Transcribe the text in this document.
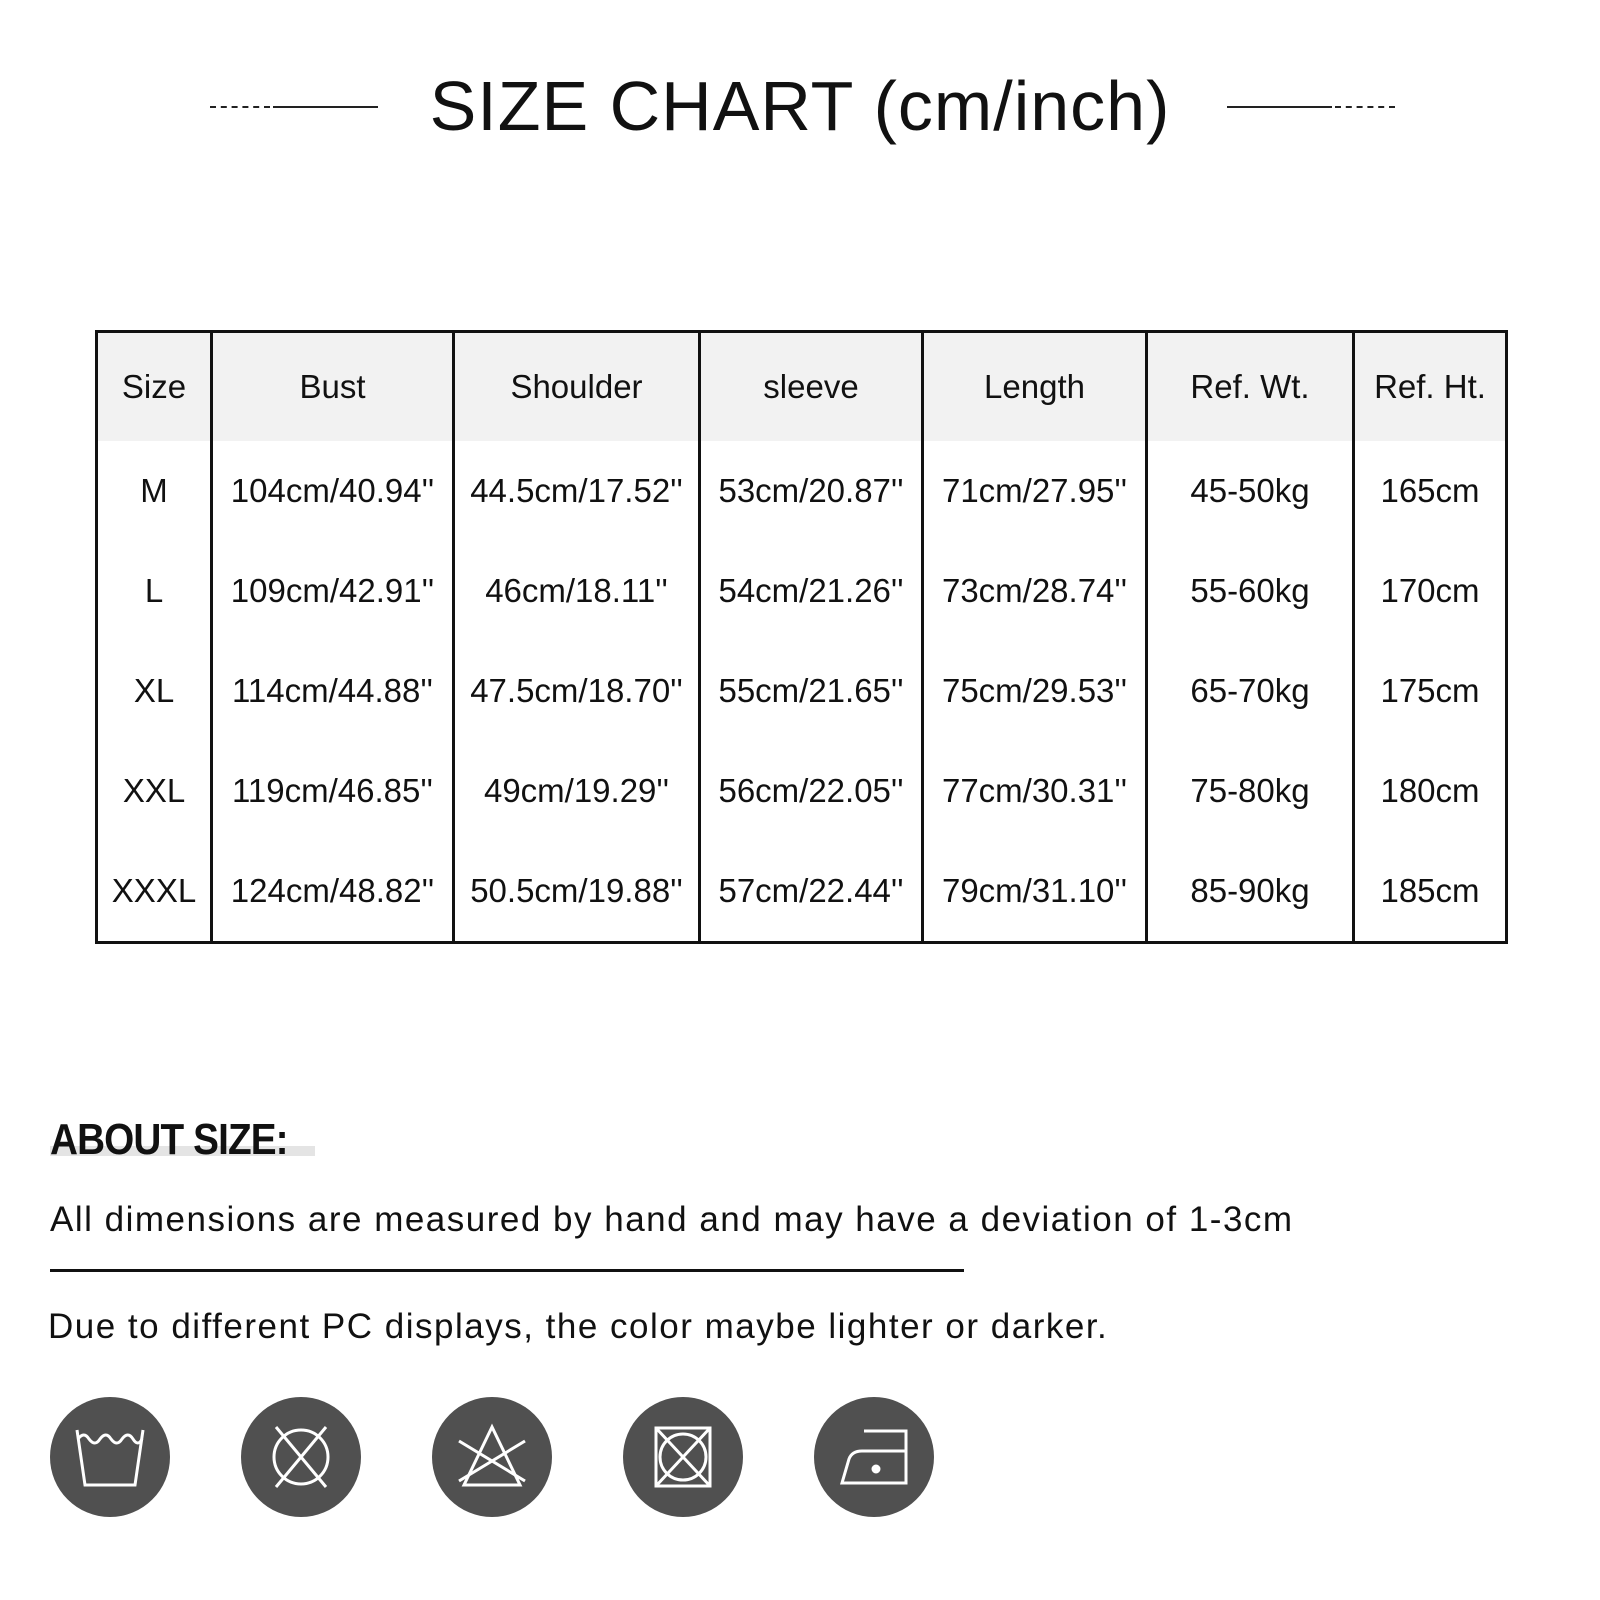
SIZE CHART (cm/inch)
Size	Bust	Shoulder	sleeve	Length	Ref. Wt.	Ref. Ht.
M	104cm/40.94''	44.5cm/17.52''	53cm/20.87''	71cm/27.95''	45-50kg	165cm
L	109cm/42.91''	46cm/18.11''	54cm/21.26''	73cm/28.74''	55-60kg	170cm
XL	114cm/44.88''	47.5cm/18.70''	55cm/21.65''	75cm/29.53''	65-70kg	175cm
XXL	119cm/46.85''	49cm/19.29''	56cm/22.05''	77cm/30.31''	75-80kg	180cm
XXXL	124cm/48.82''	50.5cm/19.88''	57cm/22.44''	79cm/31.10''	85-90kg	185cm
ABOUT SIZE:
All dimensions are measured by hand and may have a deviation of 1-3cm
Due to different PC displays, the color maybe lighter or darker.
